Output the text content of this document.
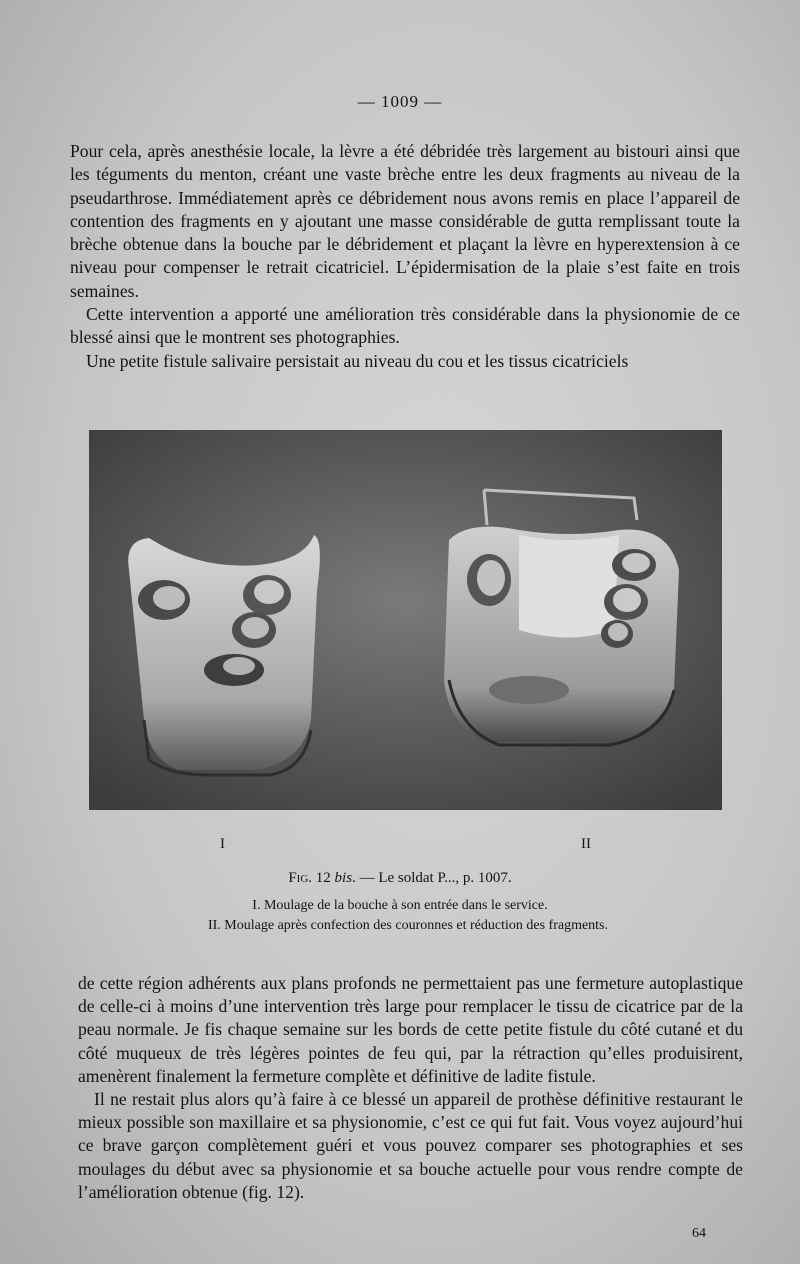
— 1009 —

Pour cela, après anesthésie locale, la lèvre a été débridée très largement au bistouri ainsi que les téguments du menton, créant une vaste brèche entre les deux fragments au niveau de la pseudarthrose. Immédiatement après ce débridement nous avons remis en place l’appareil de contention des fragments en y ajoutant une masse considérable de gutta remplissant toute la brèche obtenue dans la bouche par le débridement et plaçant la lèvre en hyperextension à ce niveau pour compenser le retrait cicatriciel. L’épidermisation de la plaie s’est faite en trois semaines.

Cette intervention a apporté une amélioration très considérable dans la physionomie de ce blessé ainsi que le montrent ses photographies.

Une petite fistule salivaire persistait au niveau du cou et les tissus cicatriciels

I	II
Fig. 12 bis. — Le soldat P..., p. 1007.
I. Moulage de la bouche à son entrée dans le service.
II. Moulage après confection des couronnes et réduction des fragments.

de cette région adhérents aux plans profonds ne permettaient pas une fermeture autoplastique de celle-ci à moins d’une intervention très large pour remplacer le tissu de cicatrice par de la peau normale. Je fis chaque semaine sur les bords de cette petite fistule du côté cutané et du côté muqueux de très légères pointes de feu qui, par la rétraction qu’elles produisirent, amenèrent finalement la fermeture complète et définitive de ladite fistule.

Il ne restait plus alors qu’à faire à ce blessé un appareil de prothèse définitive restaurant le mieux possible son maxillaire et sa physionomie, c’est ce qui fut fait. Vous voyez aujourd’hui ce brave garçon complètement guéri et vous pouvez comparer ses photographies et ses moulages du début avec sa physionomie et sa bouche actuelle pour vous rendre compte de l’amélioration obtenue (fig. 12).

64
